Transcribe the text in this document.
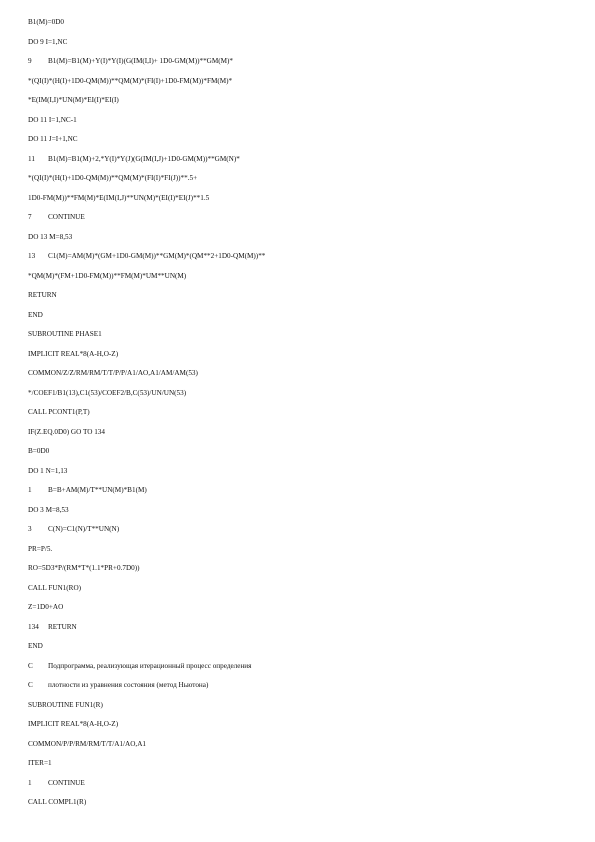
B1(M)=0D0
DO 9 I=1,NC
9 B1(M)=B1(M)+Y(I)*Y(I)(G(IM(I,I)+ 1D0-GM(M))**GM(M)*
*(QI(I)*(H(I)+1D0-QM(M))**QM(M)*(FI(I)+1D0-FM(M))*FM(M)*
*E(IM(I,I)*UN(M)*EI(I)*EI(I)
DO 11 I=1,NC-1
DO 11 J=I+1,NC
11 B1(M)=B1(M)+2,*Y(I)*Y(J)(G(IM(I,J)+1D0-GM(M))**GM(N)*
*(QI(I)*(H(I)+1D0-QM(M))**QM(M)*(FI(I)*FI(J))**.5+
1D0-FM(M))**FM(M)*E(IM(I,J)**UN(M)*(EI(I)*EI(J)**1.5
7 CONTINUE
DO 13 M=8,53
13 C1(M)=AM(M)*(GM+1D0-GM(M))**GM(M)*(QM**2+1D0-QM(M))**
*QM(M)*(FM+1D0-FM(M))**FM(M)*UM**UN(M)
RETURN
END
SUBROUTINE PHASE1
IMPLICIT REAL*8(A-H,O-Z)
COMMON/Z/Z/RM/RM/T/T/P/P/A1/AO,A1/AM/AM(53)
*/COEF1/B1(13),C1(53)/COEF2/B,C(53)/UN/UN(53)
CALL PCONT1(P,T)
IF(Z.EQ.0D0) GO TO 134
B=0D0
DO 1 N=1,13
1 B=B+AM(M)/T**UN(M)*B1(M)
DO 3 M=8,53
3 C(N)=C1(N)/T**UN(N)
PR=P/5.
RO=5D3*P/(RM*T*(1.1*PR+0.7D0))
CALL FUN1(RO)
Z=1D0+AO
134 RETURN
END
C Подпрограмма, реализующая итерационный процесс определения
C плотности из уравнения состояния (метод Ньютона)
SUBROUTINE FUN1(R)
IMPLICIT REAL*8(A-H,O-Z)
COMMON/P/P/RM/RM/T/T/A1/AO,A1
ITER=1
1 CONTINUE
CALL COMPL1(R)
